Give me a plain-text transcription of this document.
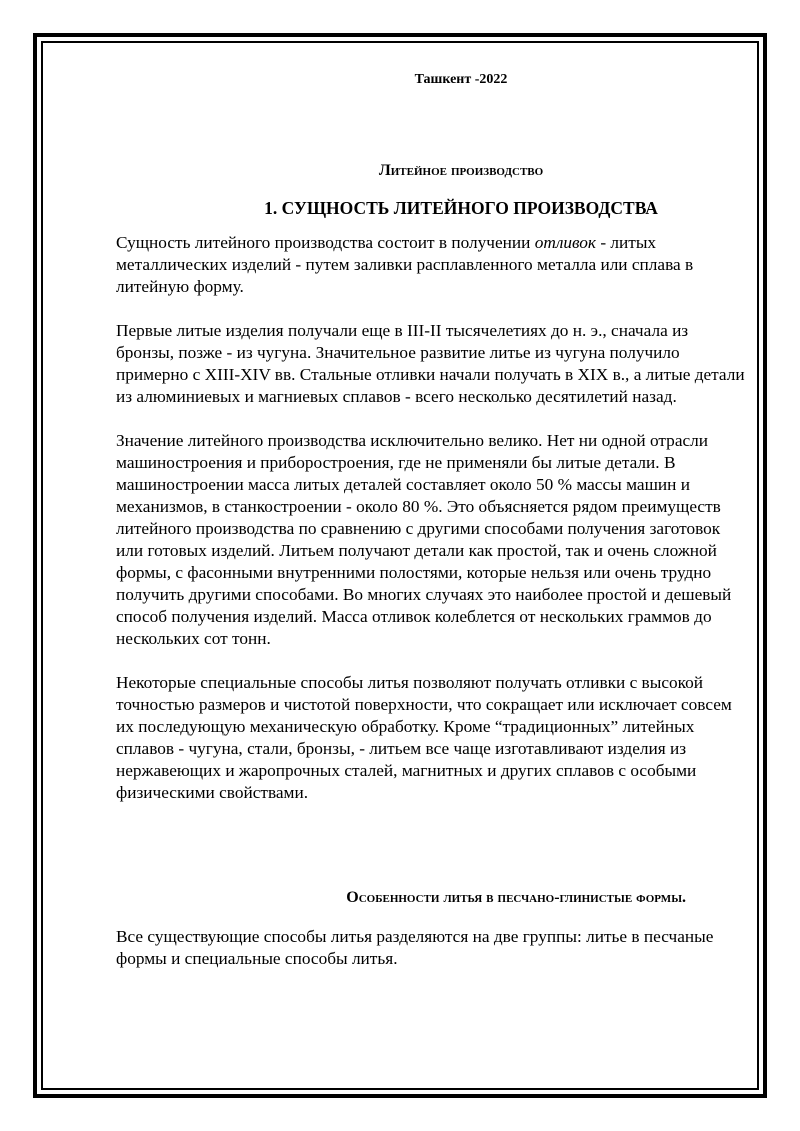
Ташкент -2022

Литейное производство
1. СУЩНОСТЬ ЛИТЕЙНОГО ПРОИЗВОДСТВА

Сущность литейного производства состоит в получении отливок - литых металлических изделий - путем заливки расплавленного металла или сплава в литейную форму.

Первые литые изделия получали еще в III-II тысячелетиях до н. э., сначала из бронзы, позже - из чугуна. Значительное развитие литье из чугуна получило примерно с XIII-XIV вв. Стальные отливки начали получать в XIX в., а литые детали из алюминиевых и магниевых сплавов - всего несколько десятилетий назад.

Значение литейного производства исключительно велико. Нет ни одной отрасли машиностроения и приборостроения, где не применяли бы литые детали. В машиностроении масса литых деталей составляет около 50 % массы машин и механизмов, в станкостроении - около 80 %. Это объясняется рядом преимуществ литейного производства по сравнению с другими способами получения заготовок или готовых изделий. Литьем получают детали как простой, так и очень сложной формы, с фасонными внутренними полостями, которые нельзя или очень трудно получить другими способами. Во многих случаях это наиболее простой и дешевый способ получения изделий. Масса отливок колеблется от нескольких граммов до нескольких сот тонн.

Некоторые специальные способы литья позволяют получать отливки с высокой точностью размеров и чистотой поверхности, что сокращает или исключает совсем их последующую механическую обработку. Кроме “традиционных” литейных сплавов - чугуна, стали, бронзы, - литьем все чаще изготавливают изделия из нержавеющих и жаропрочных сталей, магнитных и других сплавов с особыми физическими свойствами.

Особенности литья в песчано-глинистые формы.

Все существующие способы литья разделяются на две группы: литье в песчаные формы и специальные способы литья.
